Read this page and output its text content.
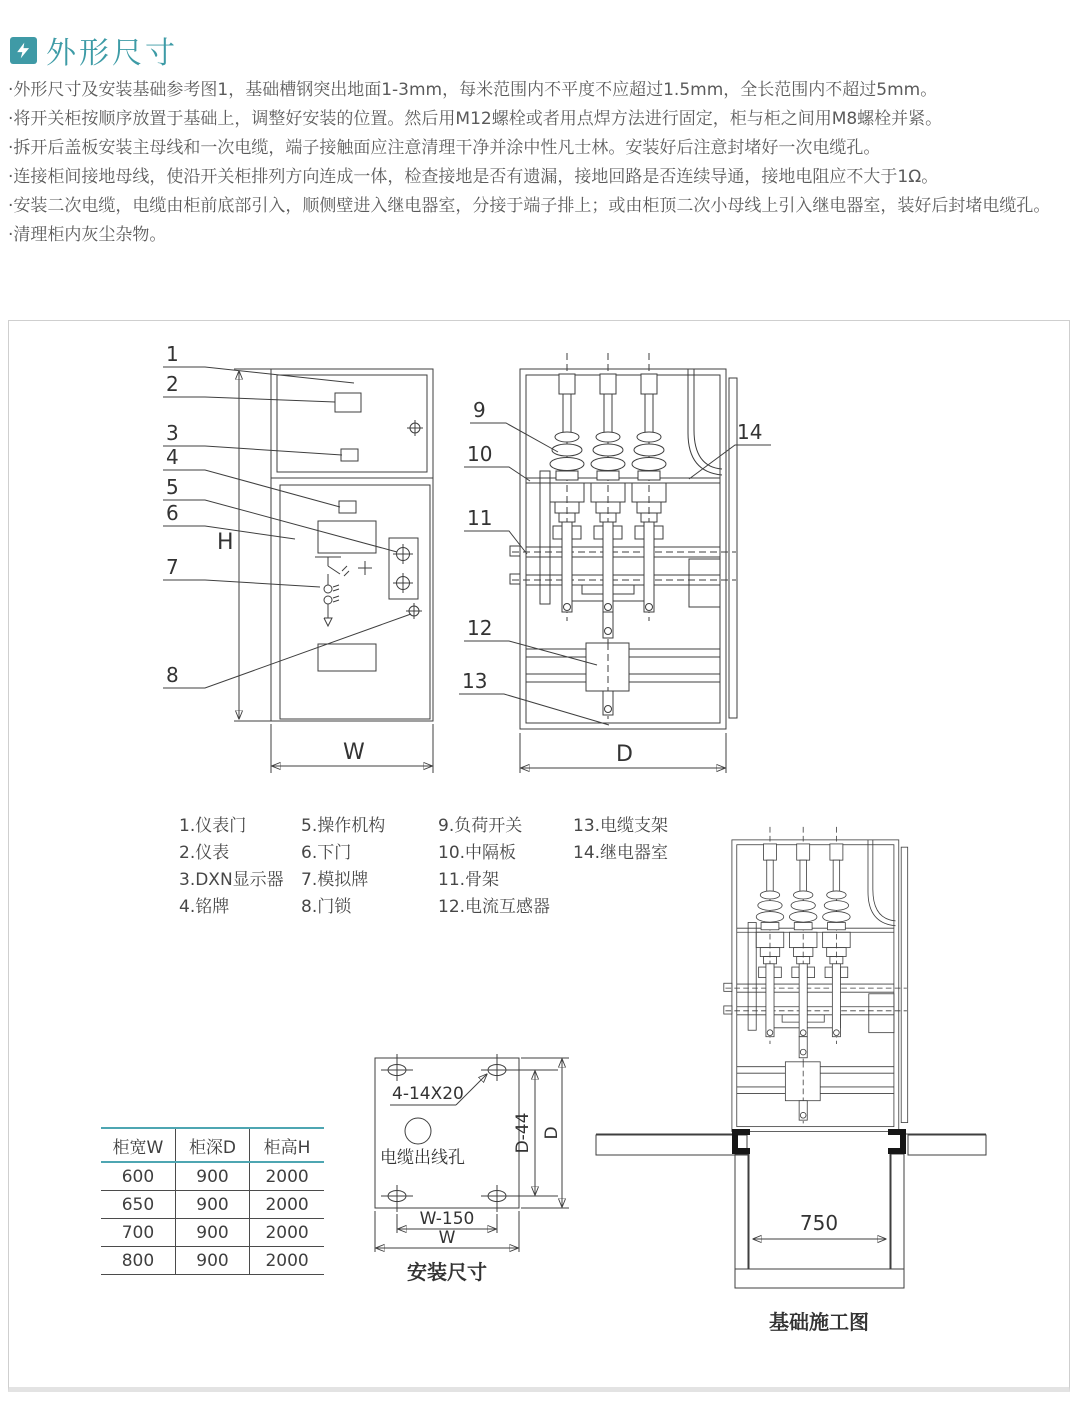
外形尺寸
·外形尺寸及安装基础参考图1，基础槽钢突出地面1-3mm，每米范围内不平度不应超过1.5mm，全长范围内不超过5mm。
·将开关柜按顺序放置于基础上，调整好安装的位置。然后用M12螺栓或者用点焊方法进行固定，柜与柜之间用M8螺栓并紧。
·拆开后盖板安装主母线和一次电缆，端子接触面应注意清理干净并涂中性凡士林。安装好后注意封堵好一次电缆孔。
·连接柜间接地母线，使沿开关柜排列方向连成一体，检查接地是否有遗漏，接地回路是否连续导通，接地电阻应不大于1Ω。
·安装二次电缆，电缆由柜前底部引入，顺侧壁进入继电器室，分接于端子排上；或由柜顶二次小母线上引入继电器室，装好后封堵电缆孔。
·清理柜内灰尘杂物。
H
W
1
2
3
4
5
6
7
8
D
9
10
11
12
13
14
4-14X20
电缆出线孔
D-44 D
W-150
W
安装尺寸
750
基础施工图
1.仪表门
2.仪表
3.DXN显示器
4.铭牌
5.操作机构
6.下门
7.模拟牌
8.门锁
9.负荷开关
10.中隔板
11.骨架
12.电流互感器
13.电缆支架
14.继电器室
柜宽W	柜深D	柜高H
600	900	2000
650	900	2000
700	900	2000
800	900	2000
